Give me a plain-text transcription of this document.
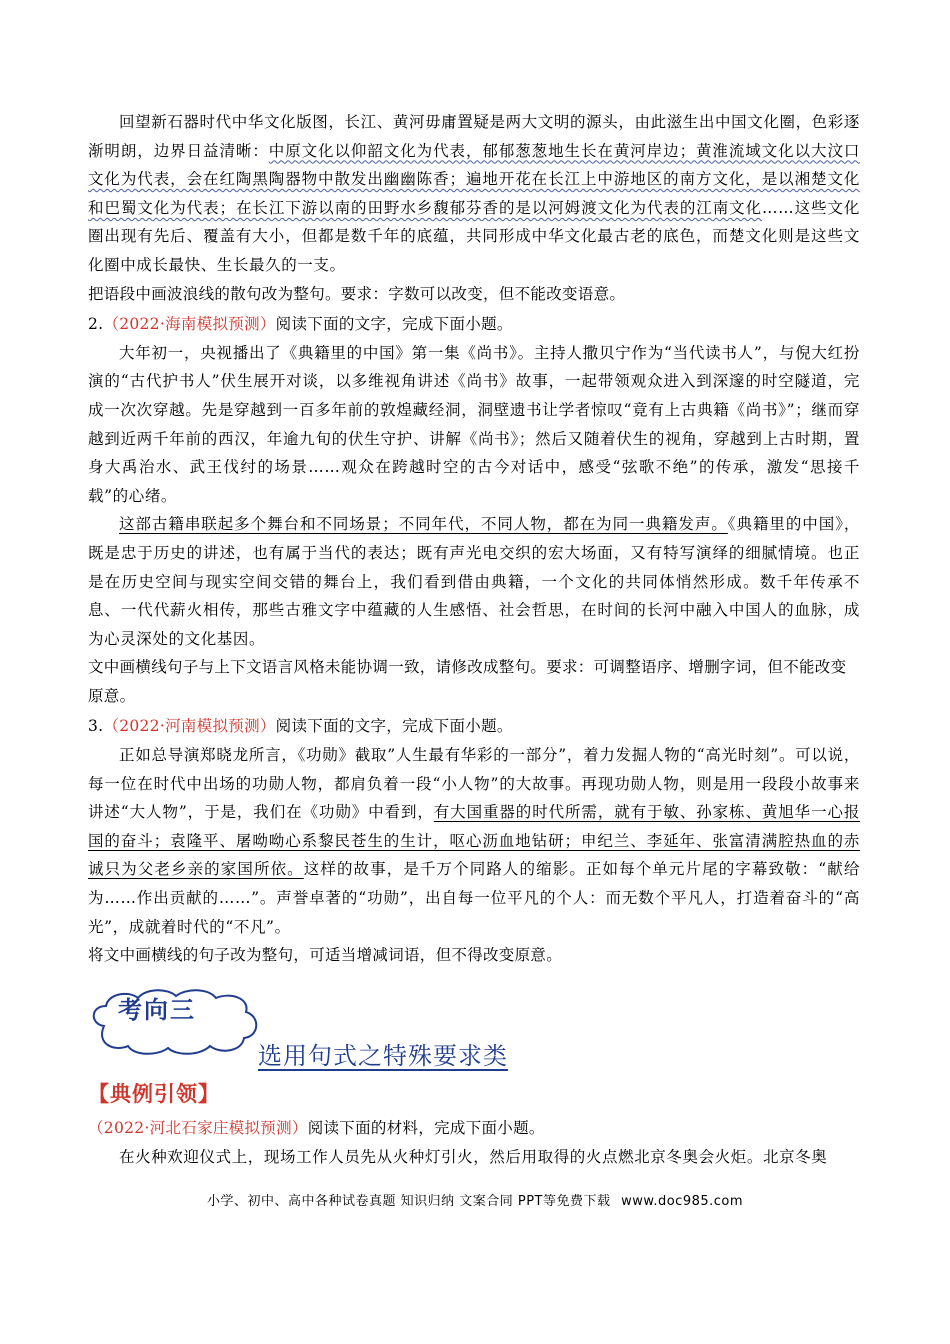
回望新石器时代中华文化版图，长江、黄河毋庸置疑是两大文明的源头，由此滋生出中国文化圈，色彩逐渐明朗，边界日益清晰：中原文化以仰韶文化为代表，郁郁葱葱地生长在黄河岸边；黄淮流域文化以大汶口文化为代表，会在红陶黑陶器物中散发出幽幽陈香；遍地开花在长江上中游地区的南方文化，是以湘楚文化和巴蜀文化为代表；在长江下游以南的田野水乡馥郁芬香的是以河姆渡文化为代表的江南文化……这些文化圈出现有先后、覆盖有大小，但都是数千年的底蕴，共同形成中华文化最古老的底色，而楚文化则是这些文化圈中成长最快、生长最久的一支。

把语段中画波浪线的散句改为整句。要求：字数可以改变，但不能改变语意。

2.（2022·海南模拟预测）阅读下面的文字，完成下面小题。

大年初一，央视播出了《典籍里的中国》第一集《尚书》。主持人撒贝宁作为“当代读书人”，与倪大红扮演的“古代护书人”伏生展开对谈，以多维视角讲述《尚书》故事，一起带领观众进入到深邃的时空隧道，完成一次次穿越。先是穿越到一百多年前的敦煌藏经洞，洞壁遗书让学者惊叹“竟有上古典籍《尚书》”；继而穿越到近两千年前的西汉，年逾九旬的伏生守护、讲解《尚书》；然后又随着伏生的视角，穿越到上古时期，置身大禹治水、武王伐纣的场景……观众在跨越时空的古今对话中，感受“弦歌不绝”的传承，激发“思接千载”的心绪。

这部古籍串联起多个舞台和不同场景；不同年代，不同人物，都在为同一典籍发声。《典籍里的中国》，既是忠于历史的讲述，也有属于当代的表达；既有声光电交织的宏大场面，又有特写演绎的细腻情境。也正是在历史空间与现实空间交错的舞台上，我们看到借由典籍，一个文化的共同体悄然形成。数千年传承不息、一代代薪火相传，那些古雅文字中蕴藏的人生感悟、社会哲思，在时间的长河中融入中国人的血脉，成为心灵深处的文化基因。

文中画横线句子与上下文语言风格未能协调一致，请修改成整句。要求：可调整语序、增删字词，但不能改变原意。

3.（2022·河南模拟预测）阅读下面的文字，完成下面小题。

正如总导演郑晓龙所言，《功勋》截取”人生最有华彩的一部分”，着力发掘人物的“高光时刻”。可以说，每一位在时代中出场的功勋人物，都肩负着一段“小人物”的大故事。再现功勋人物，则是用一段段小故事来讲述“大人物”，于是，我们在《功勋》中看到，有大国重器的时代所需，就有于敏、孙家栋、黄旭华一心报国的奋斗；袁隆平、屠呦呦心系黎民苍生的生计，呕心沥血地钻研；申纪兰、李延年、张富清满腔热血的赤诚只为父老乡亲的家国所依。这样的故事，是千万个同路人的缩影。正如每个单元片尾的字幕致敬：“献给为……作出贡献的……”。声誉卓著的“功勋”，出自每一位平凡的个人：而无数个平凡人，打造着奋斗的“高光”，成就着时代的“不凡”。

将文中画横线的句子改为整句，可适当增减词语，但不得改变原意。

考向三
选用句式之特殊要求类
【典例引领】

（2022·河北石家庄模拟预测）阅读下面的材料，完成下面小题。

在火种欢迎仪式上，现场工作人员先从火种灯引火，然后用取得的火点燃北京冬奥会火炬。北京冬奥

小学、初中、高中各种试卷真题 知识归纳 文案合同 PPT等免费下载 www.doc985.com
